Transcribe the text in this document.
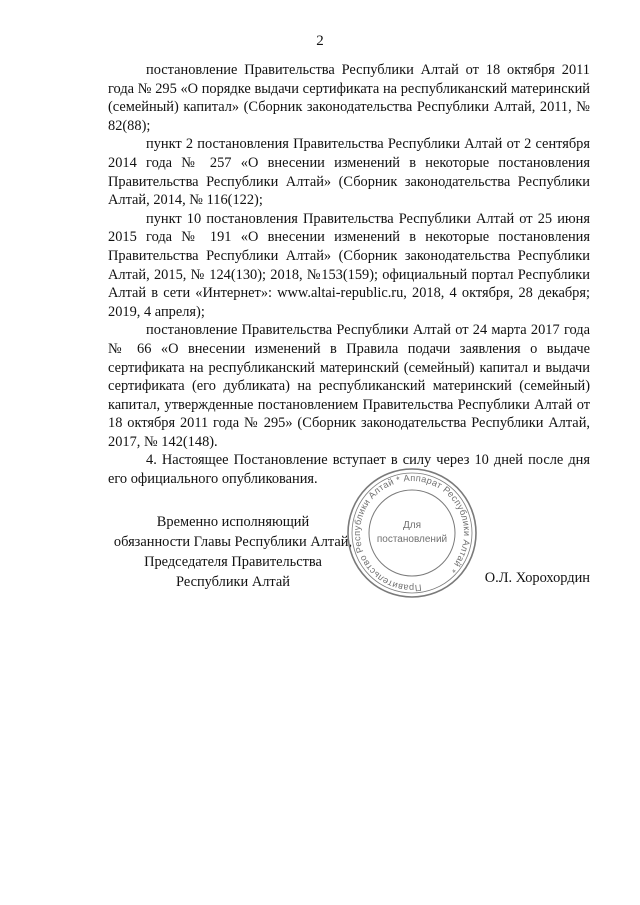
2

постановление Правительства Республики Алтай от 18 октября 2011 года № 295 «О порядке выдачи сертификата на республиканский материнский (семейный) капитал» (Сборник законодательства Республики Алтай, 2011, № 82(88);

пункт 2 постановления Правительства Республики Алтай от 2 сентября 2014 года № 257 «О внесении изменений в некоторые постановления Правительства Республики Алтай» (Сборник законодательства Республики Алтай, 2014, № 116(122);

пункт 10 постановления Правительства Республики Алтай от 25 июня 2015 года № 191 «О внесении изменений в некоторые постановления Правительства Республики Алтай» (Сборник законодательства Республики Алтай, 2015, № 124(130); 2018, №153(159); официальный портал Республики Алтай в сети «Интернет»: www.altai-republic.ru, 2018, 4 октября, 28 декабря; 2019, 4 апреля);

постановление Правительства Республики Алтай от 24 марта 2017 года № 66 «О внесении изменений в Правила подачи заявления о выдаче сертификата на республиканский материнский (семейный) капитал и выдачи сертификата (его дубликата) на республиканский материнский (семейный) капитал, утвержденные постановлением Правительства Республики Алтай от 18 октября 2011 года № 295» (Сборник законодательства Республики Алтай, 2017, № 142(148).

4. Настоящее Постановление вступает в силу через 10 дней после дня его официального опубликования.

Временно исполняющий
обязанности Главы Республики Алтай,
Председателя Правительства
Республики Алтай	О.Л. Хорохордин
Правительство Республики Алтай * Аппарат Республики Алтай *
Для
постановлений
